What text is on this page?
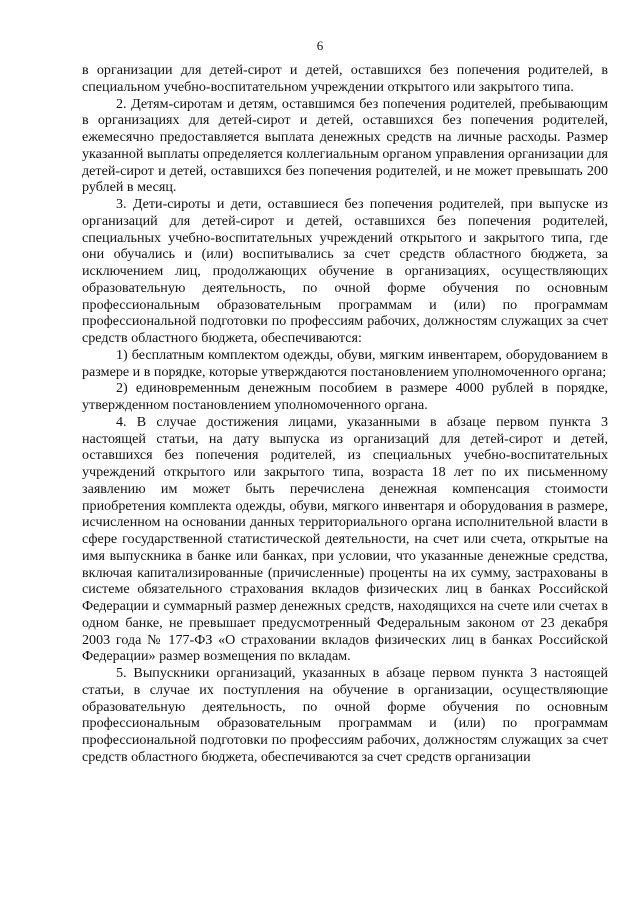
6

в организации для детей-сирот и детей, оставшихся без попечения родителей, в специальном учебно-воспитательном учреждении открытого или закрытого типа.

2. Детям-сиротам и детям, оставшимся без попечения родителей, пребывающим в организациях для детей-сирот и детей, оставшихся без попечения родителей, ежемесячно предоставляется выплата денежных средств на личные расходы. Размер указанной выплаты определяется коллегиальным органом управления организации для детей-сирот и детей, оставшихся без попечения родителей, и не может превышать 200 рублей в месяц.

3. Дети-сироты и дети, оставшиеся без попечения родителей, при выпуске из организаций для детей-сирот и детей, оставшихся без попечения родителей, специальных учебно-воспитательных учреждений открытого и закрытого типа, где они обучались и (или) воспитывались за счет средств областного бюджета, за исключением лиц, продолжающих обучение в организациях, осуществляющих образовательную деятельность, по очной форме обучения по основным профессиональным образовательным программам и (или) по программам профессиональной подготовки по профессиям рабочих, должностям служащих за счет средств областного бюджета, обеспечиваются:

1) бесплатным комплектом одежды, обуви, мягким инвентарем, оборудованием в размере и в порядке, которые утверждаются постановлением уполномоченного органа;

2) единовременным денежным пособием в размере 4000 рублей в порядке, утвержденном постановлением уполномоченного органа.

4. В случае достижения лицами, указанными в абзаце первом пункта 3 настоящей статьи, на дату выпуска из организаций для детей-сирот и детей, оставшихся без попечения родителей, из специальных учебно-воспитательных учреждений открытого или закрытого типа, возраста 18 лет по их письменному заявлению им может быть перечислена денежная компенсация стоимости приобретения комплекта одежды, обуви, мягкого инвентаря и оборудования в размере, исчисленном на основании данных территориального органа исполнительной власти в сфере государственной статистической деятельности, на счет или счета, открытые на имя выпускника в банке или банках, при условии, что указанные денежные средства, включая капитализированные (причисленные) проценты на их сумму, застрахованы в системе обязательного страхования вкладов физических лиц в банках Российской Федерации и суммарный размер денежных средств, находящихся на счете или счетах в одном банке, не превышает предусмотренный Федеральным законом от 23 декабря 2003 года № 177-ФЗ «О страховании вкладов физических лиц в банках Российской Федерации» размер возмещения по вкладам.

5. Выпускники организаций, указанных в абзаце первом пункта 3 настоящей статьи, в случае их поступления на обучение в организации, осуществляющие образовательную деятельность, по очной форме обучения по основным профессиональным образовательным программам и (или) по программам профессиональной подготовки по профессиям рабочих, должностям служащих за счет средств областного бюджета, обеспечиваются за счет средств организации
